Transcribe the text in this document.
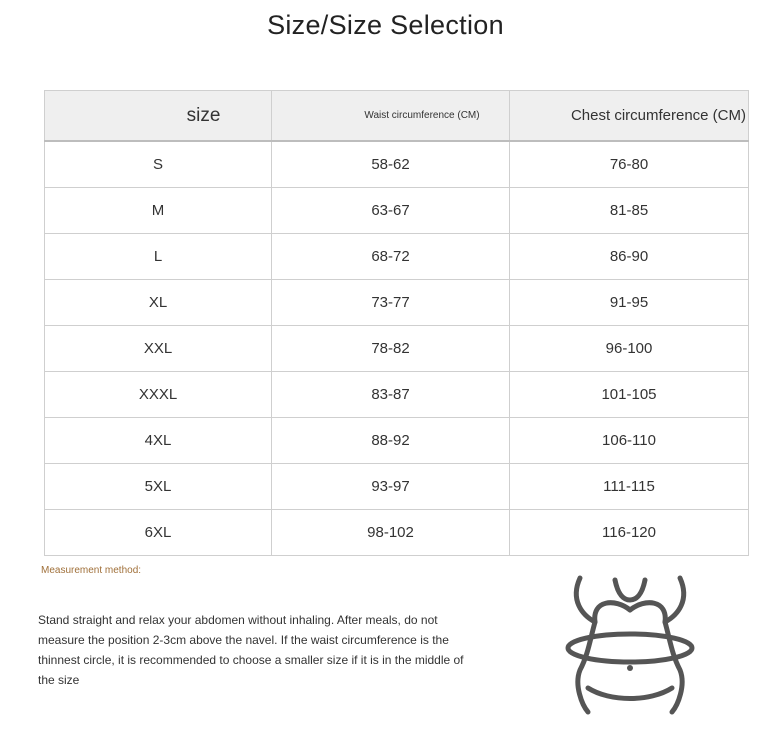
Size/Size Selection
size	Waist circumference (CM)	Chest circumference (CM)
S	58-62	76-80
M	63-67	81-85
L	68-72	86-90
XL	73-77	91-95
XXL	78-82	96-100
XXXL	83-87	101-105
4XL	88-92	106-110
5XL	93-97	111-115
6XL	98-102	116-120
Measurement method:
Stand straight and relax your abdomen without inhaling. After meals, do not measure the position 2-3cm above the navel. If the waist circumference is the thinnest circle, it is recommended to choose a smaller size if it is in the middle of the size
